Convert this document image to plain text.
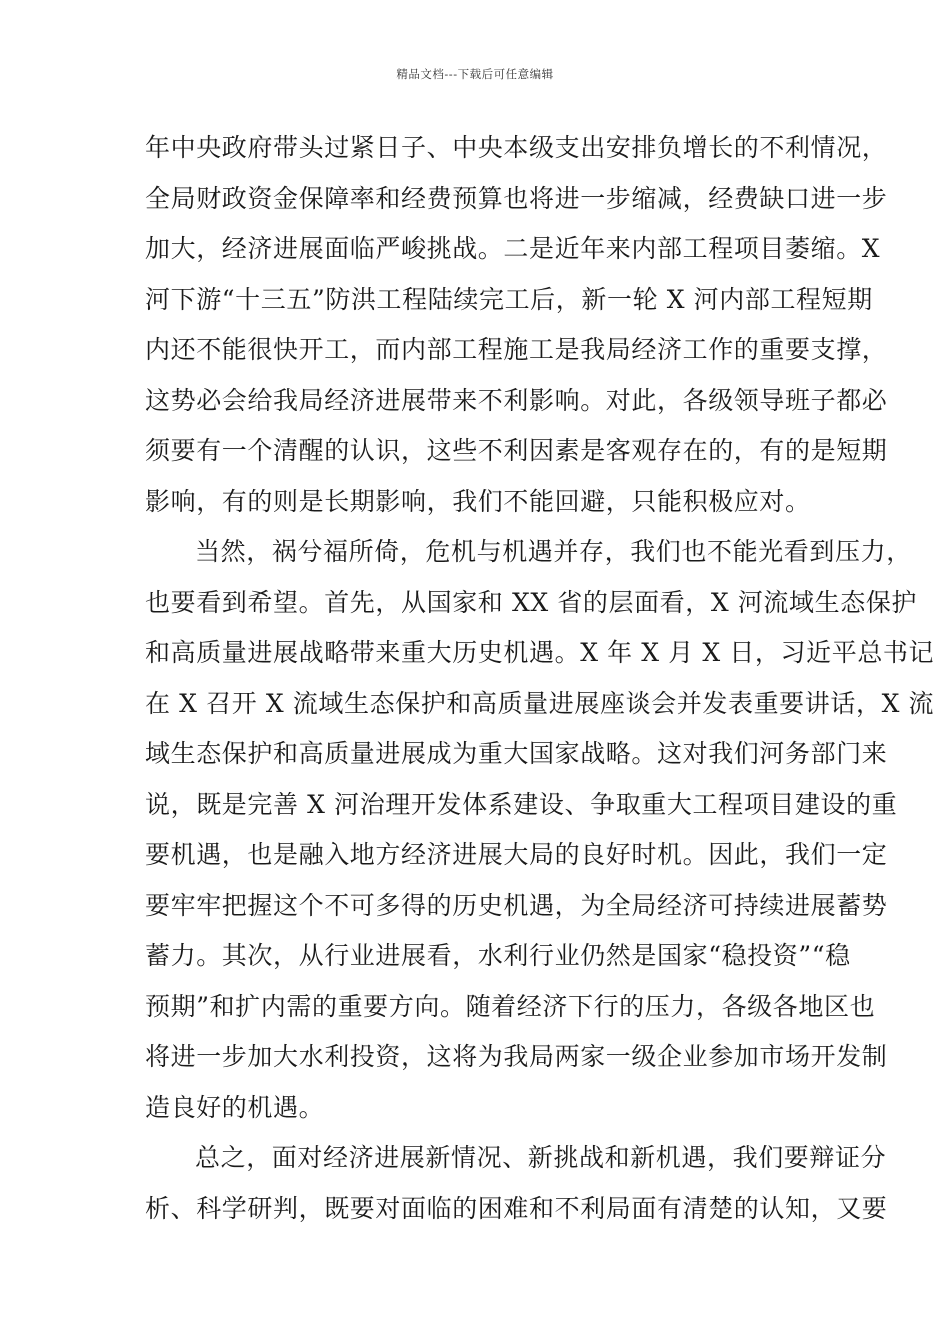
精品文档---下载后可任意编辑
年中央政府带头过紧日子、中央本级支出安排负增长的不利情况，
全局财政资金保障率和经费预算也将进一步缩减，经费缺口进一步
加大，经济进展面临严峻挑战。二是近年来内部工程项目萎缩。X
河下游“十三五”防洪工程陆续完工后，新一轮 X 河内部工程短期
内还不能很快开工，而内部工程施工是我局经济工作的重要支撑，
这势必会给我局经济进展带来不利影响。对此，各级领导班子都必
须要有一个清醒的认识，这些不利因素是客观存在的，有的是短期
影响，有的则是长期影响，我们不能回避，只能积极应对。
当然，祸兮福所倚，危机与机遇并存，我们也不能光看到压力，
也要看到希望。首先，从国家和 XX 省的层面看，X 河流域生态保护
和高质量进展战略带来重大历史机遇。X 年 X 月 X 日，习近平总书记
在 X 召开 X 流域生态保护和高质量进展座谈会并发表重要讲话，X 流
域生态保护和高质量进展成为重大国家战略。这对我们河务部门来
说，既是完善 X 河治理开发体系建设、争取重大工程项目建设的重
要机遇，也是融入地方经济进展大局的良好时机。因此，我们一定
要牢牢把握这个不可多得的历史机遇，为全局经济可持续进展蓄势
蓄力。其次，从行业进展看，水利行业仍然是国家“稳投资”“稳
预期”和扩内需的重要方向。随着经济下行的压力，各级各地区也
将进一步加大水利投资，这将为我局两家一级企业参加市场开发制
造良好的机遇。
总之，面对经济进展新情况、新挑战和新机遇，我们要辩证分
析、科学研判，既要对面临的困难和不利局面有清楚的认知，又要
